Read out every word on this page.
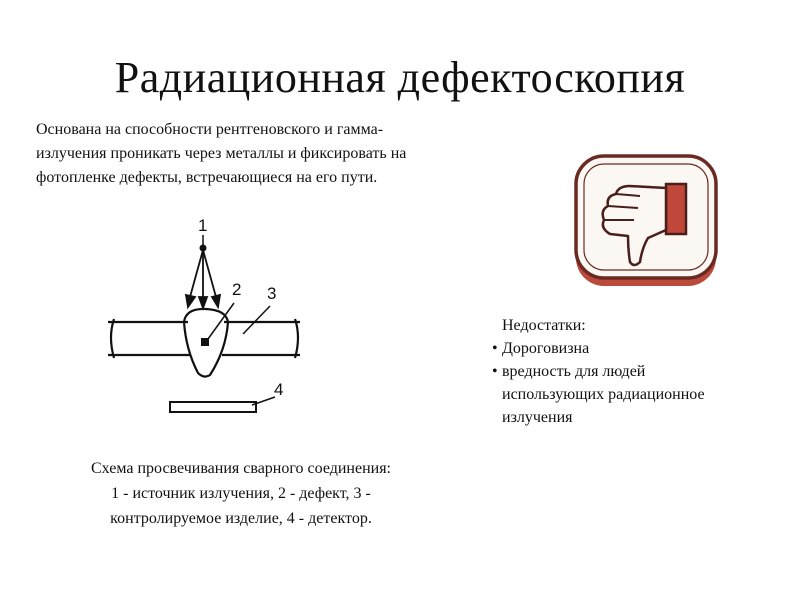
Радиационная дефектоскопия
Основана на способности рентгеновского и гамма-
излучения проникать через металлы и фиксировать на
фотопленке дефекты, встречающиеся на его пути.
1
2 3
4
Недостатки:
• Дороговизна
• вредность для людей
использующих радиационное
излучения
Схема просвечивания сварного соединения:
1 - источник излучения, 2 - дефект, 3 -
контролируемое изделие, 4 - детектор.
